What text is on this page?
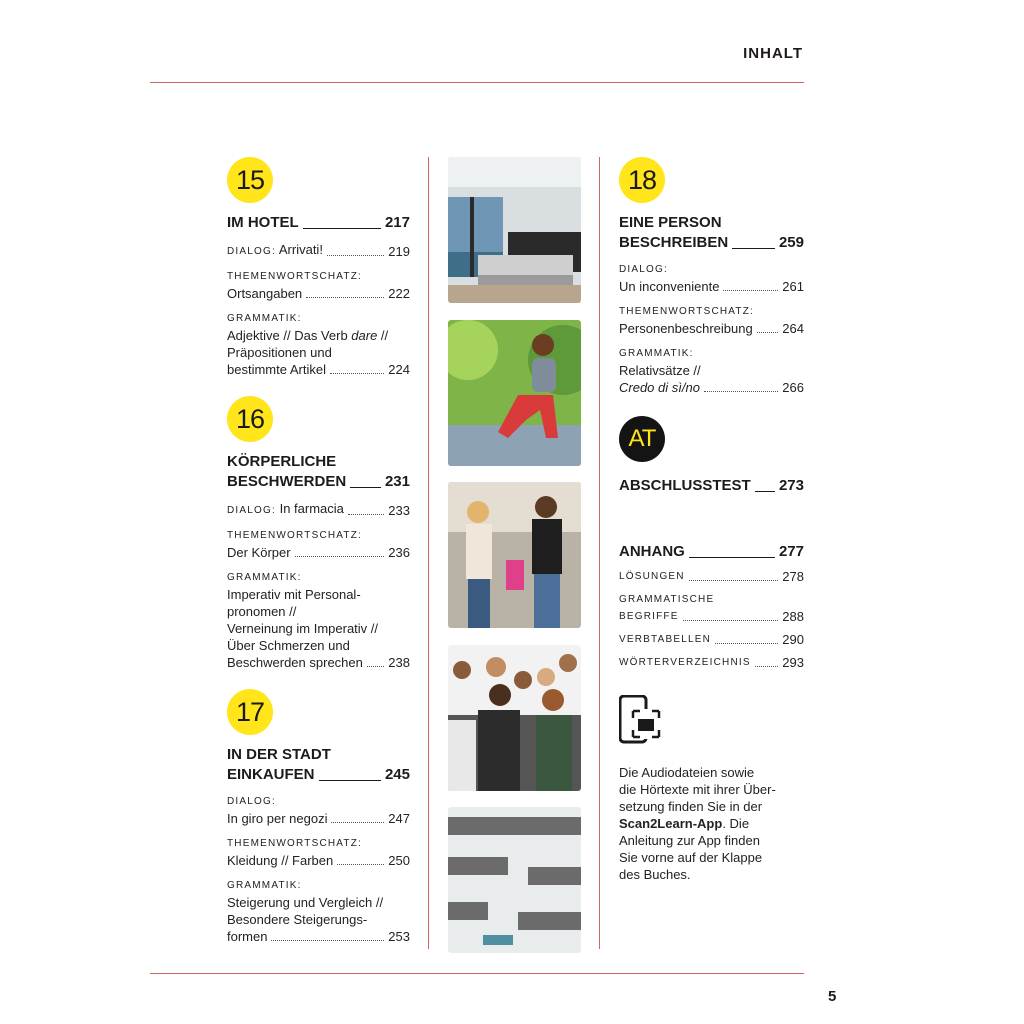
INHALT
15
IM HOTEL	217
DIALOG: Arrivati!	219
THEMENWORTSCHATZ:
Ortsangaben	222
GRAMMATIK:
Adjektive // Das Verb dare //
Präpositionen und
bestimmte Artikel	224
16
KÖRPERLICHE
BESCHWERDEN	231
DIALOG: In farmacia	233
THEMENWORTSCHATZ:
Der Körper	236
GRAMMATIK:
Imperativ mit Personal-
pronomen //
Verneinung im Imperativ //
Über Schmerzen und
Beschwerden sprechen 238
17
IN DER STADT
EINKAUFEN	245
DIALOG:
In giro per negozi	247
THEMENWORTSCHATZ:
Kleidung // Farben	250
GRAMMATIK:
Steigerung und Vergleich //
Besondere Steigerungs-
formen	253
18
EINE PERSON
BESCHREIBEN	259
DIALOG:
Un inconveniente	261
THEMENWORTSCHATZ:
Personenbeschreibung 264
GRAMMATIK:
Relativsätze //
Credo di sì/no	266
AT
ABSCHLUSSTEST 273
ANHANG	277
LÖSUNGEN	278
GRAMMATISCHE
BEGRIFFE	288
VERBTABELLEN	290
WÖRTERVERZEICHNIS 293
Die Audiodateien sowie
die Hörtexte mit ihrer Über-
setzung finden Sie in der
Scan2Learn-App. Die
Anleitung zur App finden
Sie vorne auf der Klappe
des Buches.
5
